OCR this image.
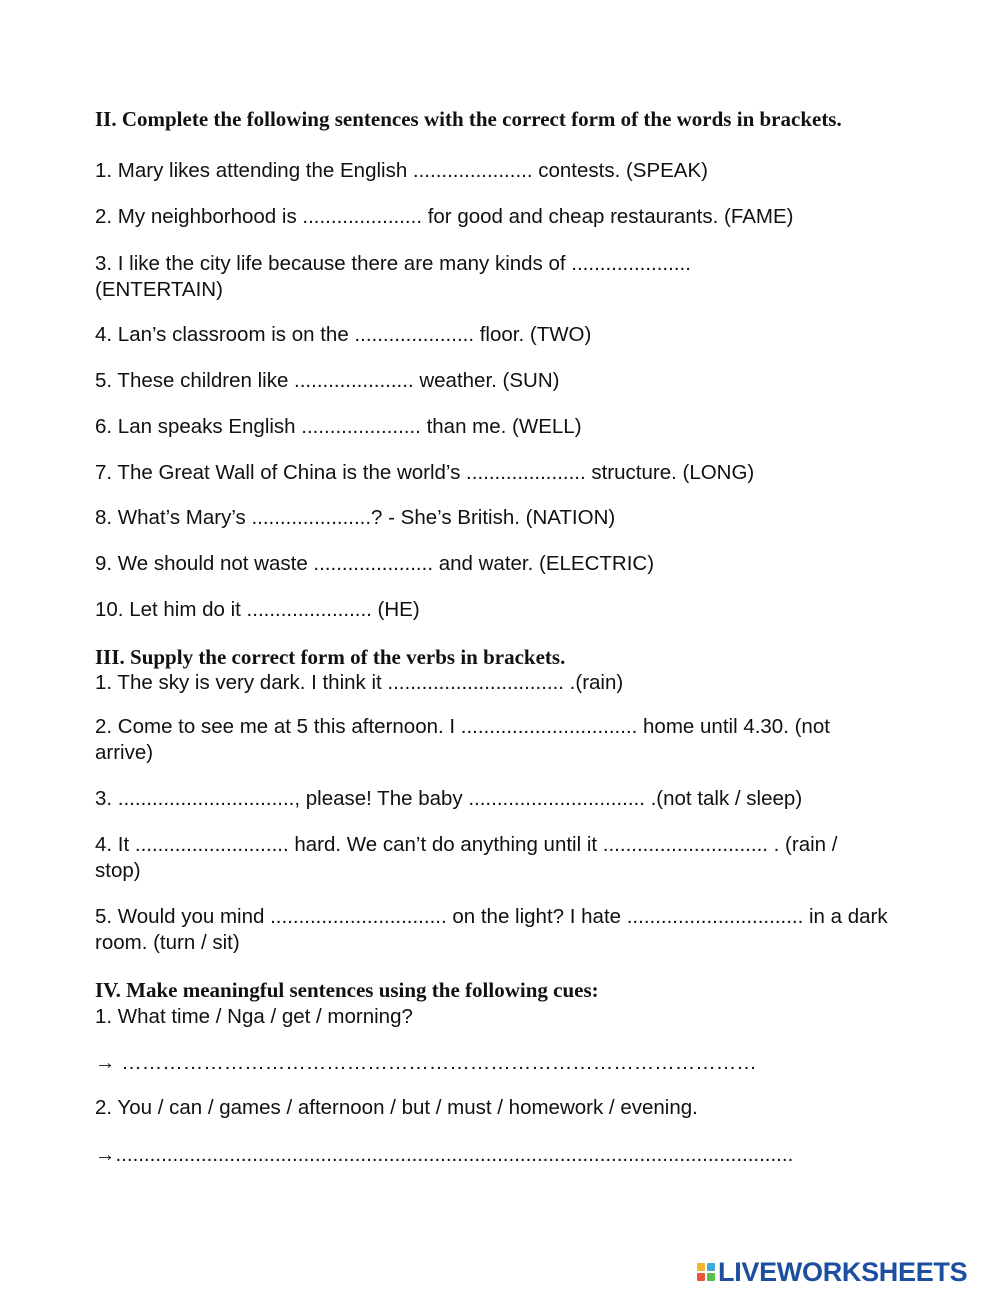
II. Complete the following sentences with the correct form of the words in brackets.

1. Mary likes attending the English ..................... contests. (SPEAK)

2. My neighborhood is ..................... for good and cheap restaurants. (FAME)

3. I like the city life because there are many kinds of ..................... (ENTERTAIN)

4. Lan’s classroom is on the ..................... floor. (TWO)

5. These children like ..................... weather. (SUN)

6. Lan speaks English ..................... than me. (WELL)

7. The Great Wall of China is the world’s ..................... structure. (LONG)

8. What’s Mary’s .....................? - She’s British. (NATION)

9. We should not waste ..................... and water. (ELECTRIC)

10. Let him do it ...................... (HE)

III. Supply the correct form of the verbs in brackets.

1. The sky is very dark. I think it ............................... .(rain)

2. Come to see me at 5 this afternoon. I ............................... home until 4.30. (not arrive)

3. ..............................., please! The baby ............................... .(not talk / sleep)

4. It ........................... hard. We can’t do anything until it ............................. . (rain / stop)

5. Would you mind ............................... on the light? I hate ............................... in a dark room. (turn / sit)

IV. Make meaningful sentences using the following cues:

1. What time / Nga / get / morning?

→ …………………………………………………………………………………

2. You / can / games / afternoon / but / must / homework / evening.

→.......................................................................................................................

LIVEWORKSHEETS
